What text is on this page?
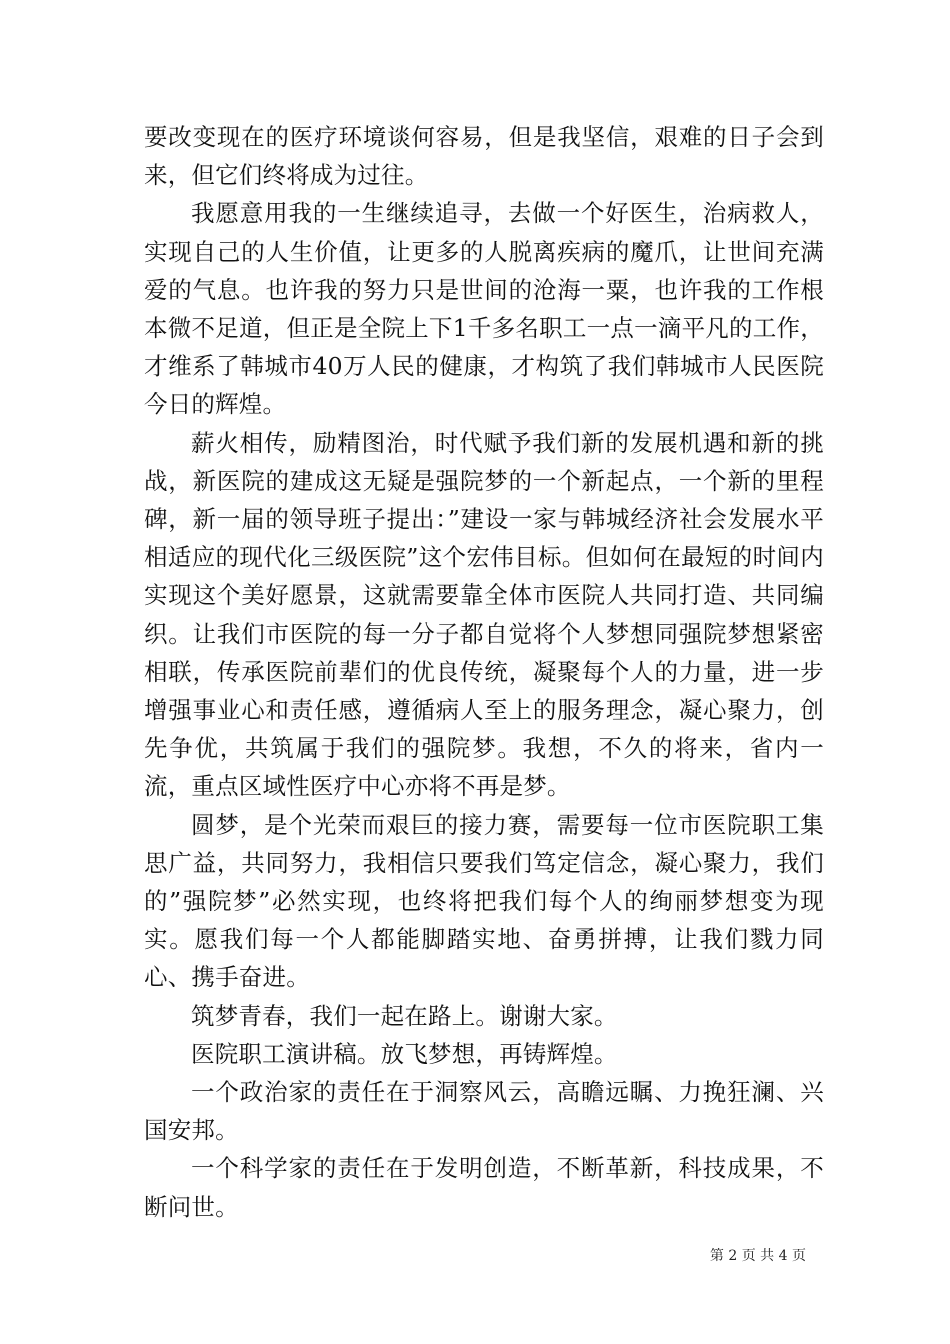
要改变现在的医疗环境谈何容易，但是我坚信，艰难的日子会到来，但它们终将成为过往。

我愿意用我的一生继续追寻，去做一个好医生，治病救人，实现自己的人生价值，让更多的人脱离疾病的魔爪，让世间充满爱的气息。也许我的努力只是世间的沧海一粟，也许我的工作根本微不足道，但正是全院上下1千多名职工一点一滴平凡的工作，才维系了韩城市40万人民的健康，才构筑了我们韩城市人民医院今日的辉煌。

薪火相传，励精图治，时代赋予我们新的发展机遇和新的挑战，新医院的建成这无疑是强院梦的一个新起点，一个新的里程碑，新一届的领导班子提出：”建设一家与韩城经济社会发展水平相适应的现代化三级医院”这个宏伟目标。但如何在最短的时间内实现这个美好愿景，这就需要靠全体市医院人共同打造、共同编织。让我们市医院的每一分子都自觉将个人梦想同强院梦想紧密相联，传承医院前辈们的优良传统，凝聚每个人的力量，进一步增强事业心和责任感，遵循病人至上的服务理念，凝心聚力，创先争优，共筑属于我们的强院梦。我想，不久的将来，省内一流，重点区域性医疗中心亦将不再是梦。

圆梦，是个光荣而艰巨的接力赛，需要每一位市医院职工集思广益，共同努力，我相信只要我们笃定信念，凝心聚力，我们的”强院梦”必然实现，也终将把我们每个人的绚丽梦想变为现实。愿我们每一个人都能脚踏实地、奋勇拼搏，让我们戮力同心、携手奋进。

筑梦青春，我们一起在路上。谢谢大家。

医院职工演讲稿。放飞梦想，再铸辉煌。

一个政治家的责任在于洞察风云，高瞻远瞩、力挽狂澜、兴国安邦。

一个科学家的责任在于发明创造，不断革新，科技成果，不断问世。

第 2 页 共 4 页
